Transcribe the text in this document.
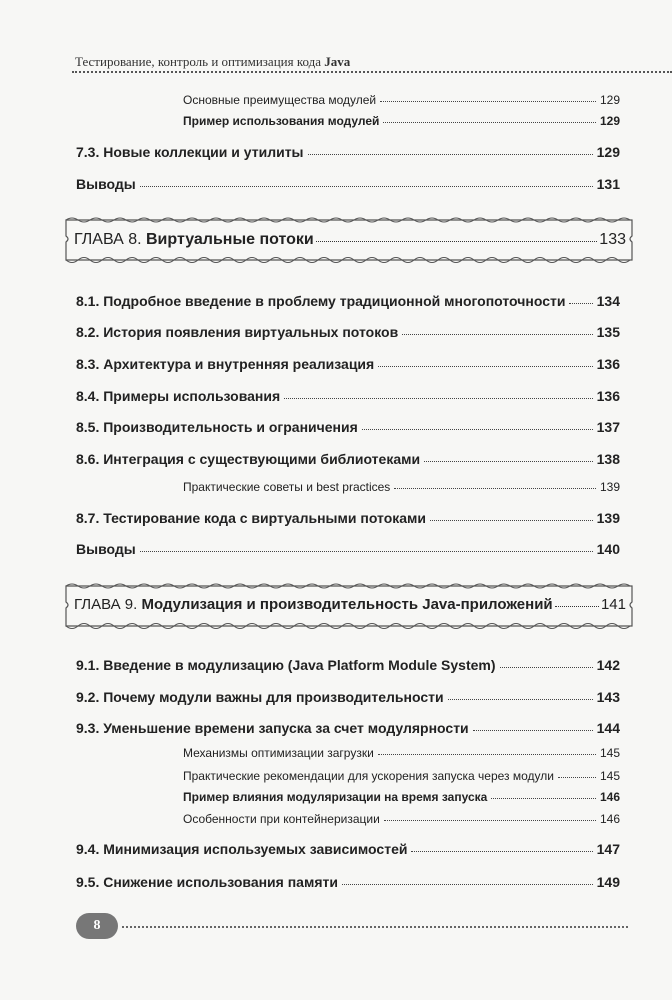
Тестирование, контроль и оптимизация кода Java
Основные преимущества модулей	129
Пример использования модулей	129
7.3. Новые коллекции и утилиты	129
Выводы	131
ГЛАВА 8.
Виртуальные потоки	133
8.1. Подробное введение в проблему традиционной многопоточности 134
8.2. История появления виртуальных потоков	135
8.3. Архитектура и внутренняя реализация	136
8.4. Примеры использования	136
8.5. Производительность и ограничения	137
8.6. Интеграция с существующими библиотеками	138
Практические советы и best practices	139
8.7. Тестирование кода с виртуальными потоками	139
Выводы	140
ГЛАВА 9.
Модулизация и производительность Java-приложений	141
9.1. Введение в модулизацию (Java Platform Module System)	142
9.2. Почему модули важны для производительности	143
9.3. Уменьшение времени запуска за счет модулярности	144
Механизмы оптимизации загрузки	145
Практические рекомендации для ускорения запуска через модули	145
Пример влияния модуляризации на время запуска	146
Особенности при контейнеризации	146
9.4. Минимизация используемых зависимостей	147
9.5. Снижение использования памяти	149
8
